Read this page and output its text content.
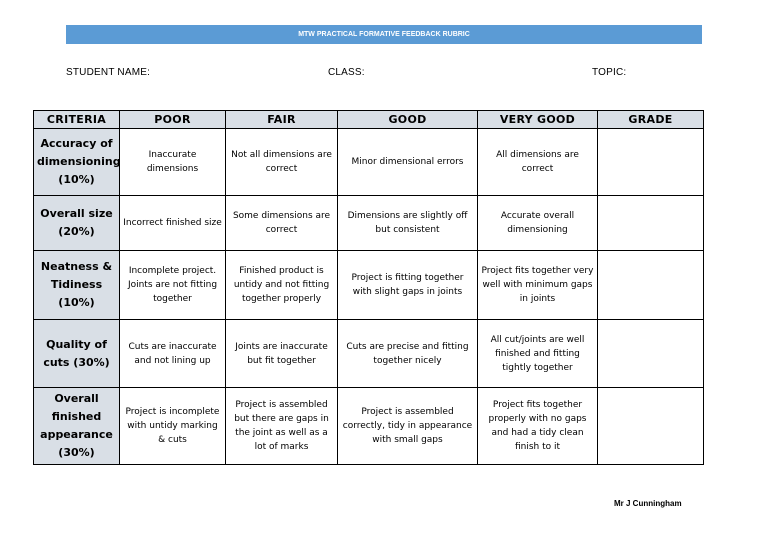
MTW PRACTICAL FORMATIVE FEEDBACK RUBRIC
STUDENT NAME:	CLASS:	TOPIC:
CRITERIA	POOR	FAIR	GOOD	VERY GOOD	GRADE
Accuracy of dimensioning (10%)	Inaccurate dimensions	Not all dimensions are correct	Minor dimensional errors	All dimensions are correct	
Overall size (20%)	Incorrect finished size	Some dimensions are correct	Dimensions are slightly off but consistent	Accurate overall dimensioning	
Neatness & Tidiness (10%)	Incomplete project. Joints are not fitting together	Finished product is untidy and not fitting together properly	Project is fitting together with slight gaps in joints	Project fits together very well with minimum gaps in joints	
Quality of cuts (30%)	Cuts are inaccurate and not lining up	Joints are inaccurate but fit together	Cuts are precise and fitting together nicely	All cut/joints are well finished and fitting tightly together	
Overall finished appearance (30%)	Project is incomplete with untidy marking & cuts	Project is assembled but there are gaps in the joint as well as a lot of marks	Project is assembled correctly, tidy in appearance with small gaps	Project fits together properly with no gaps and had a tidy clean finish to it	
Mr J Cunningham
